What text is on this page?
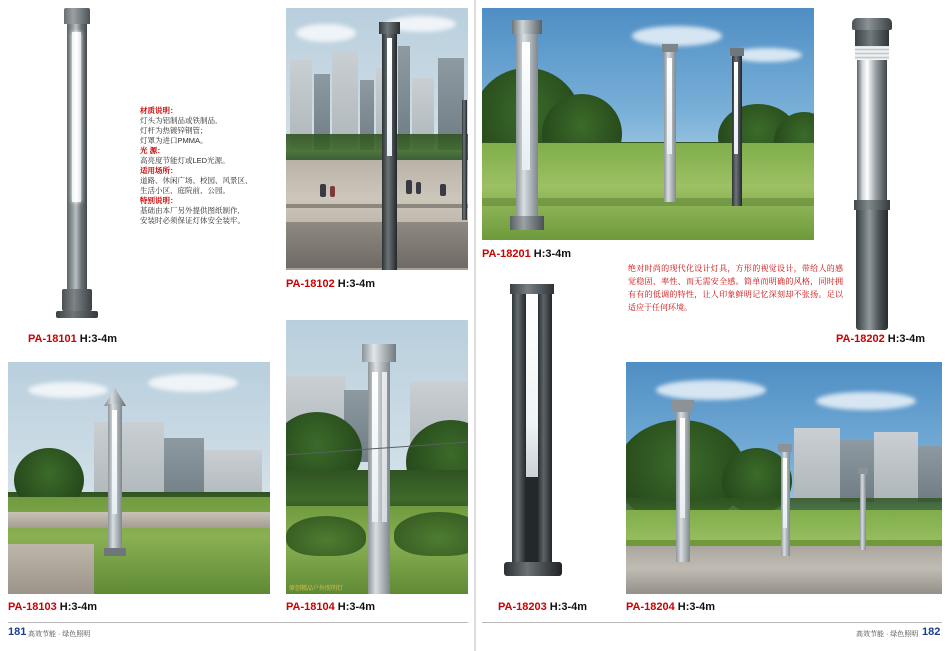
PA-18101 H:3-4m
材质说明：
灯头为铝制品或铁制品,
灯杆为热镀锌钢管；
灯罩为进口PMMA。
光 源：
高亮度节能灯或LED光源。
适用场所：
道路、休闲广场、校园、风景区、
生活小区、庭院前、公园。
特别说明：
基础由本厂另外提供图纸制作,
安装时必须保证灯体安全装牢。
PA-18102 H:3-4m
PA-18201 H:3-4m
PA-18202 H:3-4m
绝对时尚的现代化设计灯具，方形的视觉设计，带给人的感觉稳固、率性、而无需安全感。简单而明确的风格，同时拥有有的低调的特性，让人印象鲜明记忆深刻却不张扬。足以适应于任何环境。
PA-18103 H:3-4m
原创精品户外照明灯
PA-18104 H:3-4m	PA-18203 H:3-4m	PA-18204 H:3-4m
181 高效节能 · 绿色照明	高效节能 · 绿色照明 182
